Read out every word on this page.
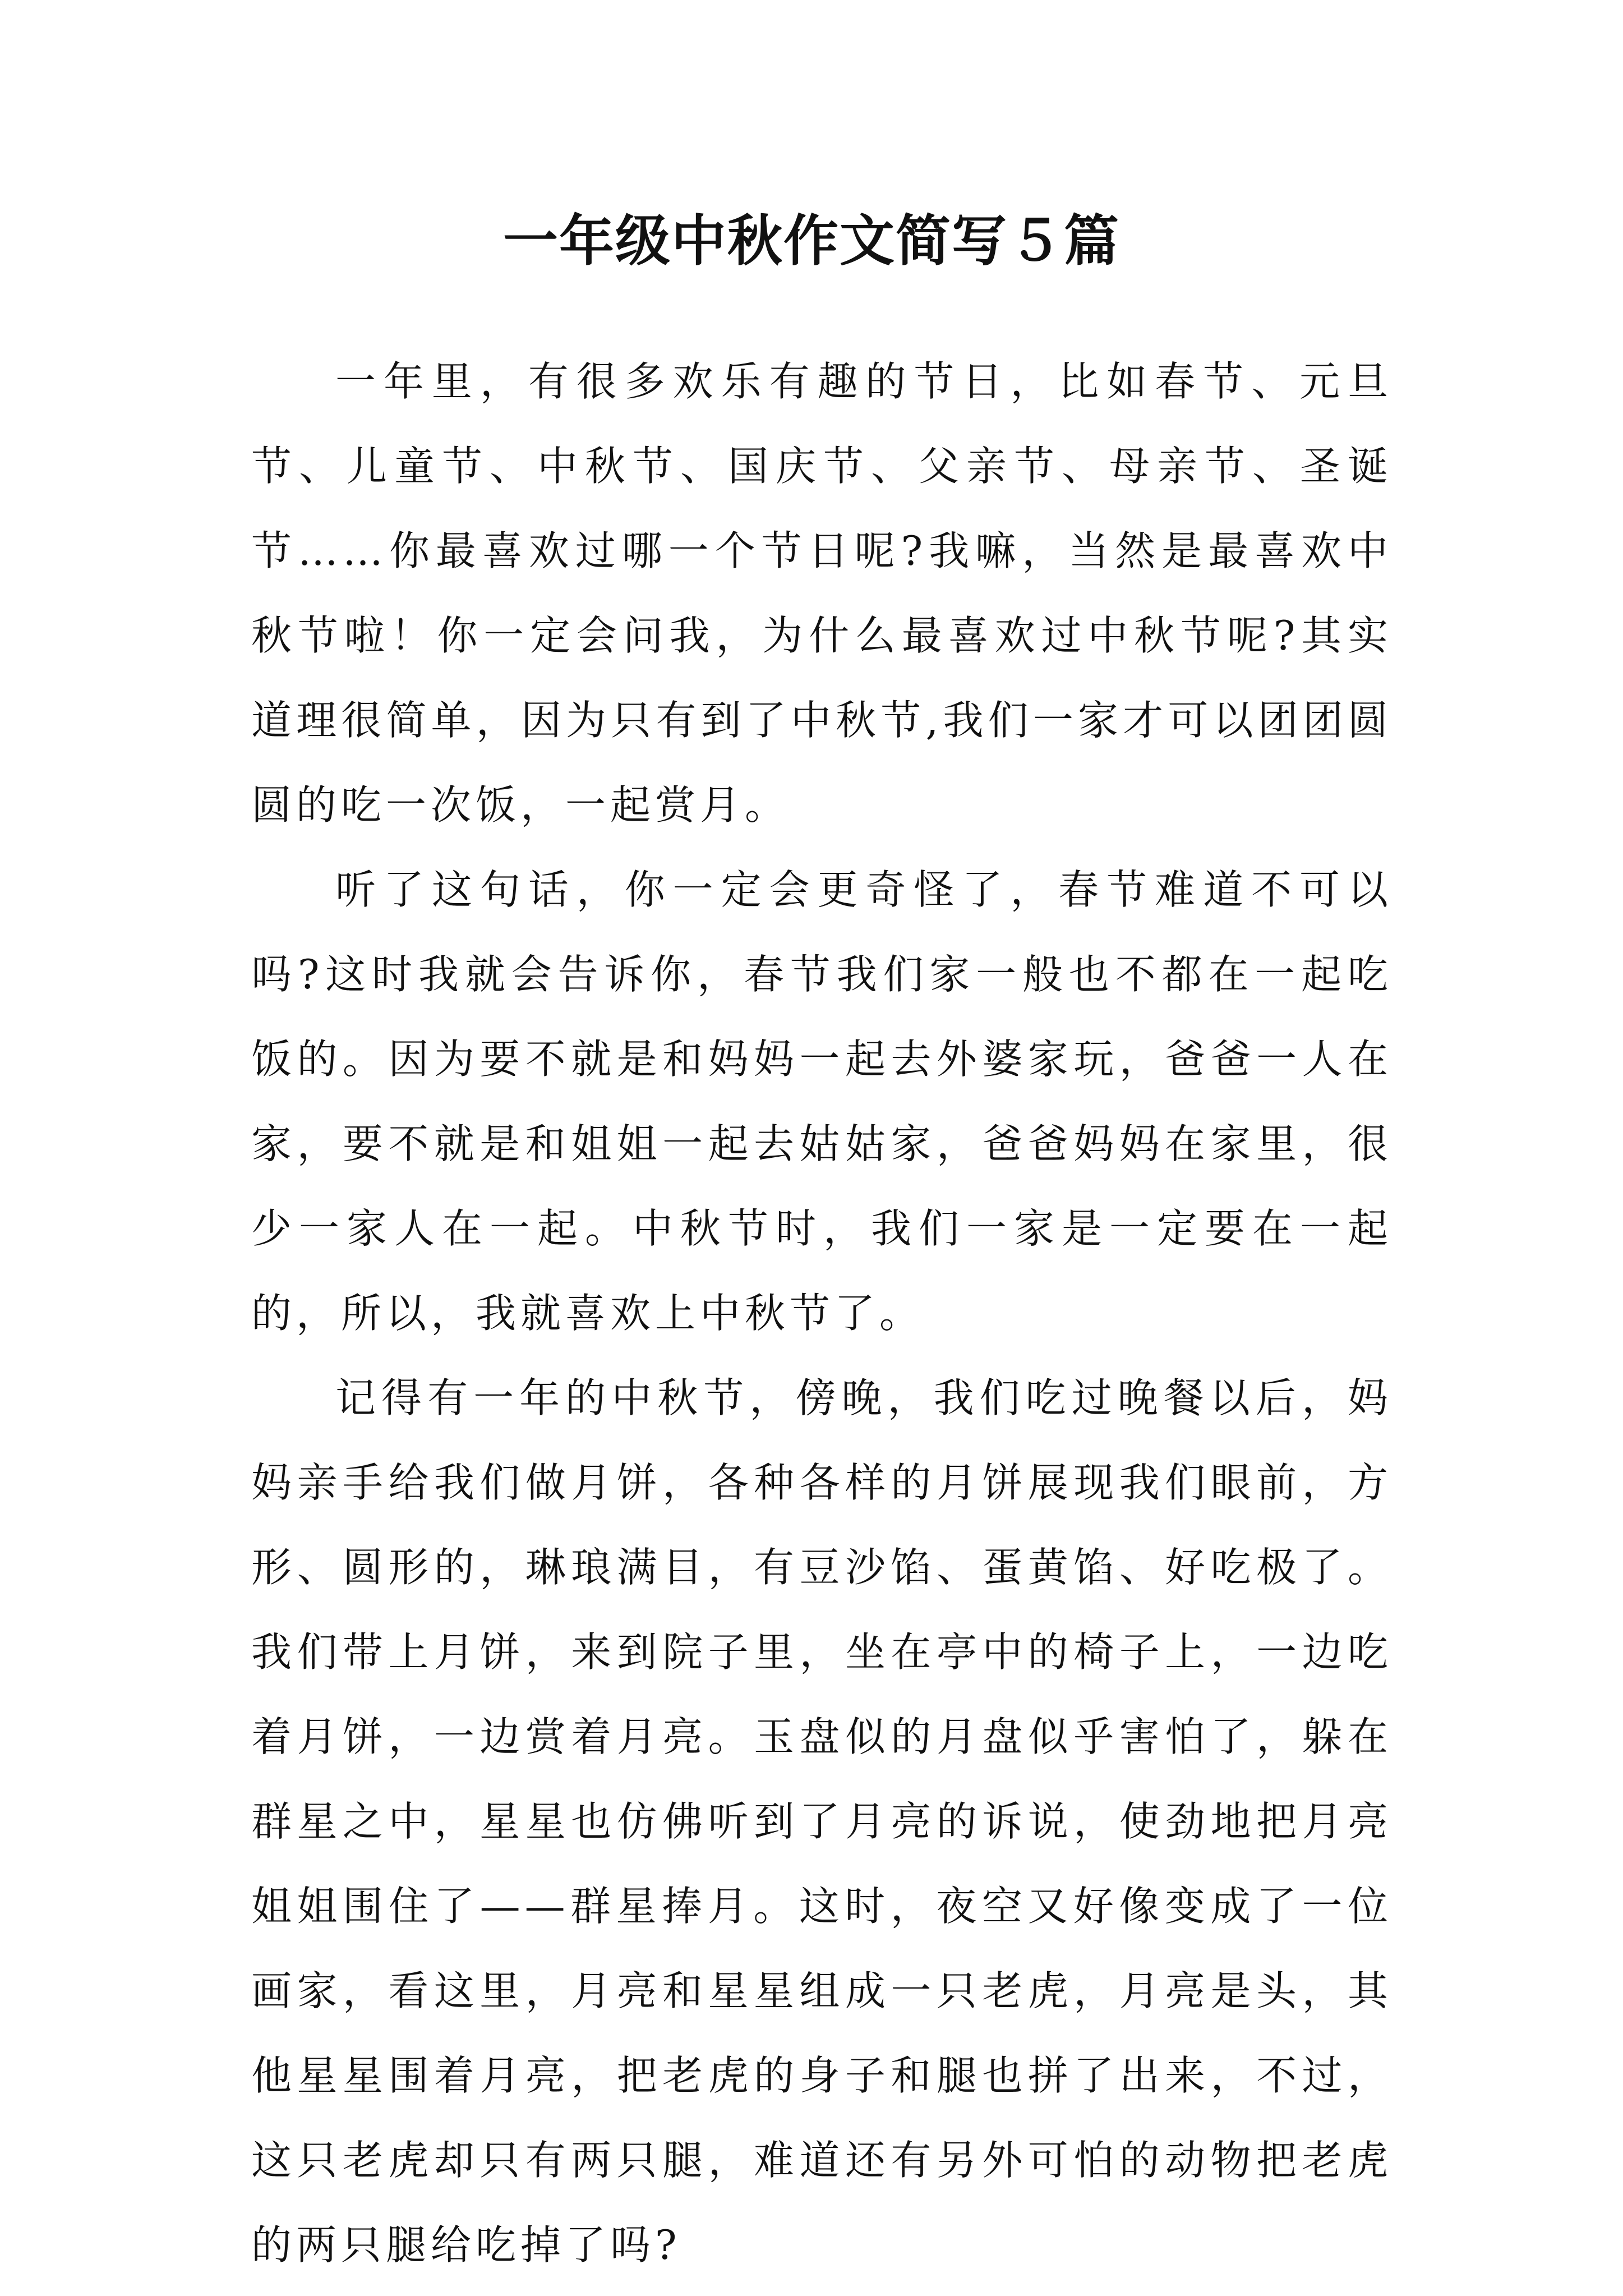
一年级中秋作文简写５篇

一年里，有很多欢乐有趣的节日，比如春节、元旦节、儿童节、中秋节、国庆节、父亲节、母亲节、圣诞节……你最喜欢过哪一个节日呢?我嘛，当然是最喜欢中秋节啦！你一定会问我，为什么最喜欢过中秋节呢?其实道理很简单，因为只有到了中秋节,我们一家才可以团团圆圆的吃一次饭，一起赏月。

听了这句话，你一定会更奇怪了，春节难道不可以吗?这时我就会告诉你，春节我们家一般也不都在一起吃饭的。因为要不就是和妈妈一起去外婆家玩，爸爸一人在家，要不就是和姐姐一起去姑姑家，爸爸妈妈在家里，很少一家人在一起。中秋节时，我们一家是一定要在一起的，所以，我就喜欢上中秋节了。

记得有一年的中秋节，傍晚，我们吃过晚餐以后，妈妈亲手给我们做月饼，各种各样的月饼展现我们眼前，方形、圆形的，琳琅满目，有豆沙馅、蛋黄馅、好吃极了。我们带上月饼，来到院子里，坐在亭中的椅子上，一边吃着月饼，一边赏着月亮。玉盘似的月盘似乎害怕了，躲在群星之中，星星也仿佛听到了月亮的诉说，使劲地把月亮姐姐围住了——群星捧月。这时，夜空又好像变成了一位画家，看这里，月亮和星星组成一只老虎，月亮是头，其他星星围着月亮，把老虎的身子和腿也拼了出来，不过，这只老虎却只有两只腿，难道还有另外可怕的动物把老虎的两只腿给吃掉了吗?
